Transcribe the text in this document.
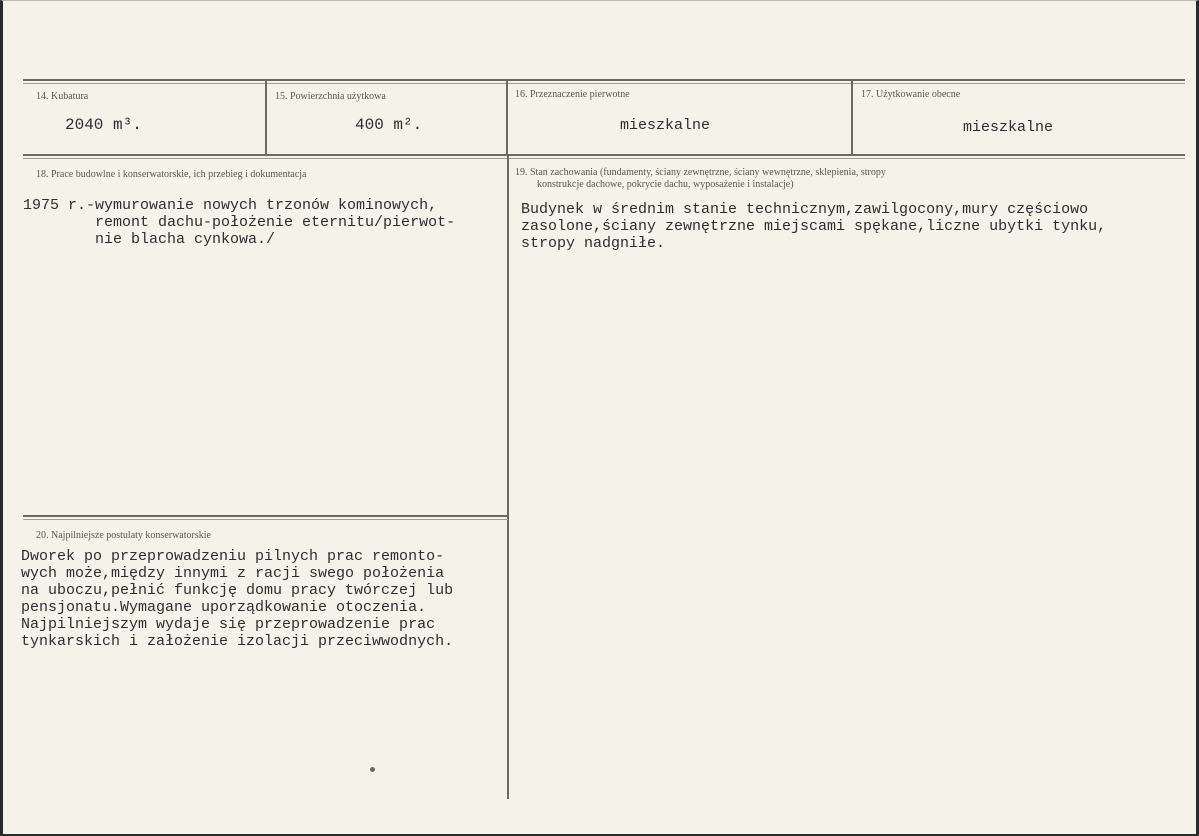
14. Kubatura
2040 m³.
15. Powierzchnia użytkowa
400 m².
16. Przeznaczenie pierwotne
mieszkalne
17. Użytkowanie obecne
mieszkalne
18. Prace budowlne i konserwatorskie, ich przebieg i dokumentacja
1975 r.-wymurowanie nowych trzonów kominowych,
remont dachu-położenie eternitu/pierwot-
nie blacha cynkowa./
19. Stan zachowania (fundamenty, ściany zewnętrzne, ściany wewnętrzne, sklepienia, stropy
konstrukcje dachowe, pokrycie dachu, wyposażenie i instalacje)
Budynek w średnim stanie technicznym,zawilgocony,mury częściowo
zasolone,ściany zewnętrzne miejscami spękane,liczne ubytki tynku,
stropy nadgniłe.
20. Najpilniejsze postulaty konserwatorskie
Dworek po przeprowadzeniu pilnych prac remonto-
wych może,między innymi z racji swego położenia
na uboczu,pełnić funkcję domu pracy twórczej lub
pensjonatu.Wymagane uporządkowanie otoczenia.
Najpilniejszym wydaje się przeprowadzenie prac
tynkarskich i założenie izolacji przeciwwodnych.
